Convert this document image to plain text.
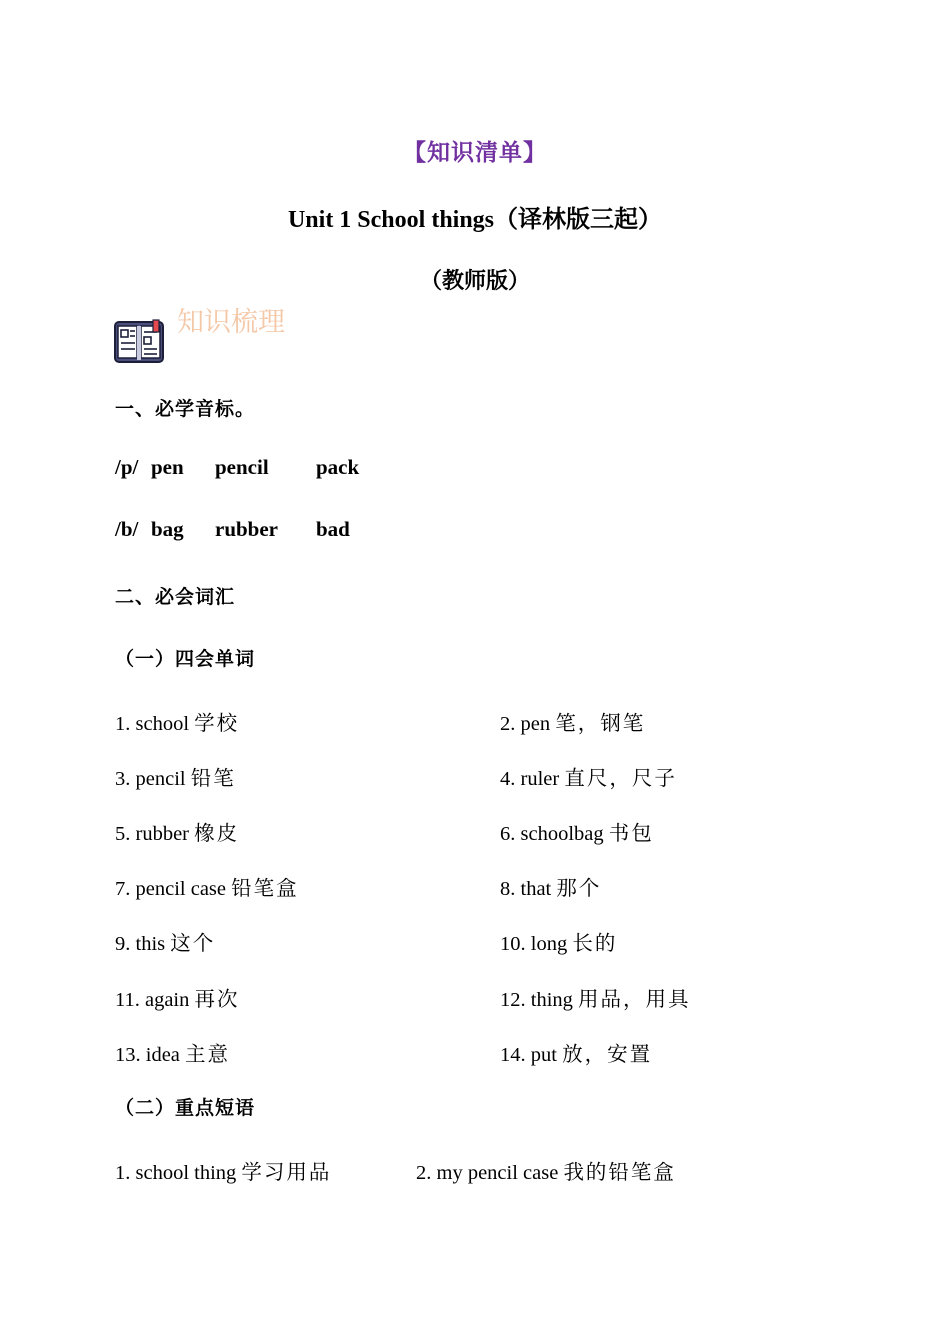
【知识清单】
Unit 1 School things（译林版三起）
（教师版）
知识梳理
一、必学音标。
/p/ pen pencil pack
/b/ bag rubber bad
二、必会词汇
（一）四会单词
1. school 学校	2. pen 笔，钢笔
3. pencil 铅笔	4. ruler 直尺，尺子
5. rubber 橡皮	6. schoolbag 书包
7. pencil case 铅笔盒	8. that 那个
9. this 这个	10. long 长的
11. again 再次	12. thing 用品，用具
13. idea 主意	14. put 放，安置
（二）重点短语
1. school thing 学习用品	2. my pencil case 我的铅笔盒
